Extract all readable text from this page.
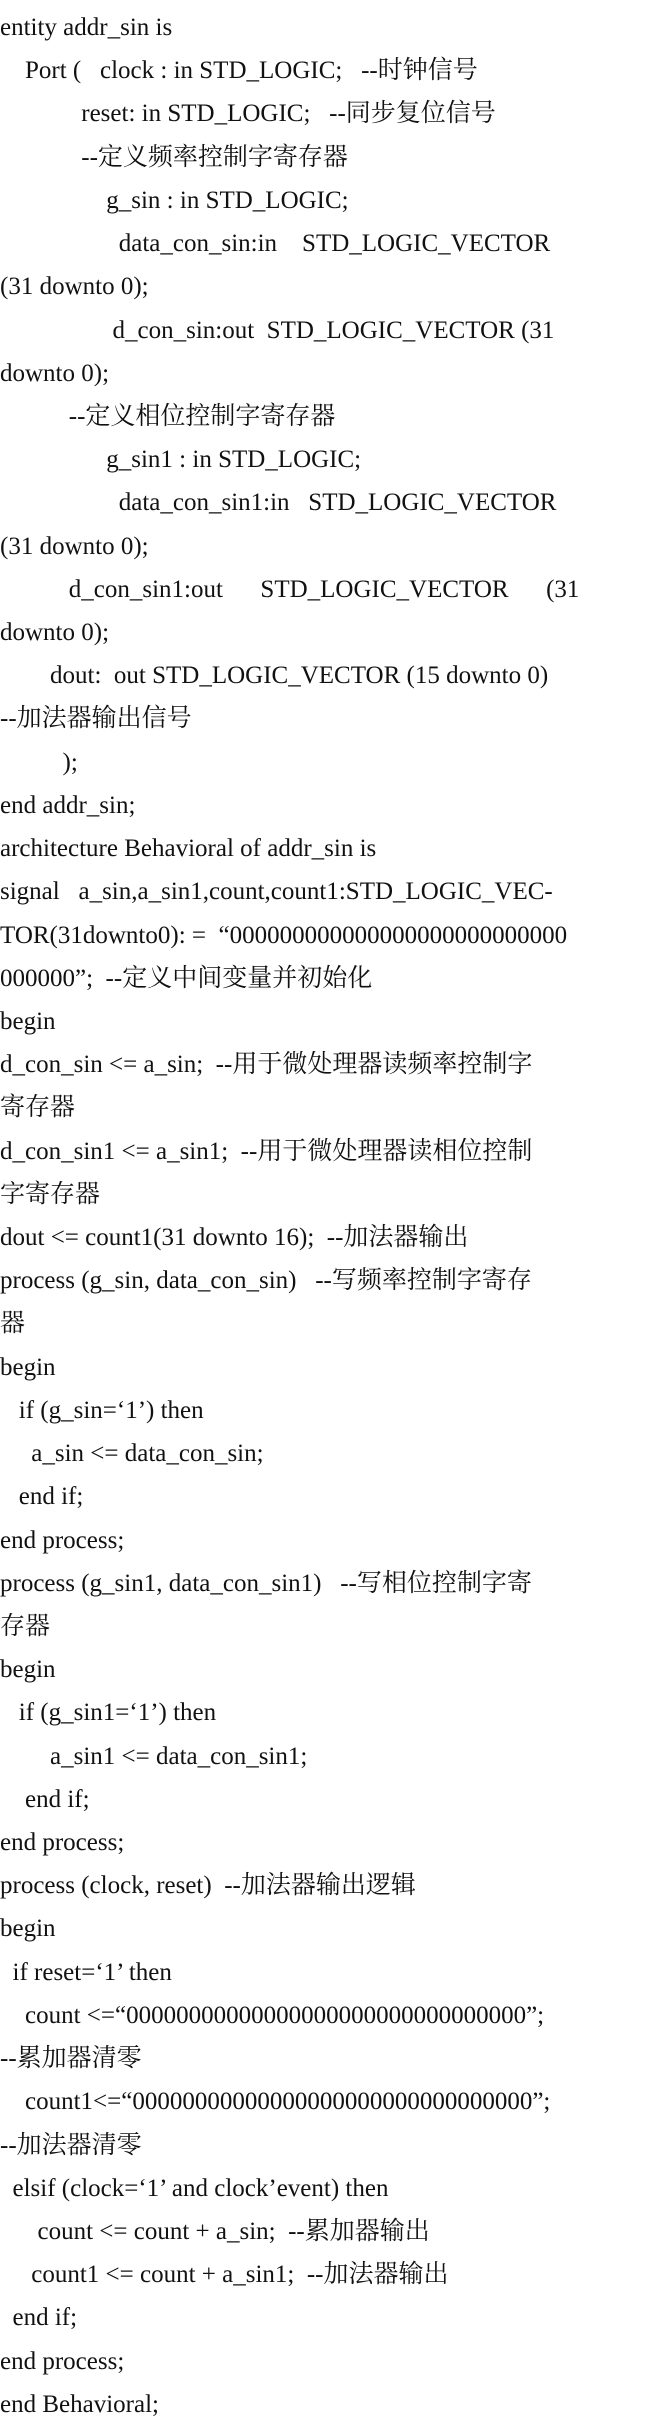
entity addr_sin is
Port (   clock : in STD_LOGIC;   --时钟信号
reset: in STD_LOGIC;   --同步复位信号
--定义频率控制字寄存器
g_sin : in STD_LOGIC;
data_con_sin:in    STD_LOGIC_VECTOR
(31 downto 0);
d_con_sin:out  STD_LOGIC_VECTOR (31
downto 0);
--定义相位控制字寄存器
g_sin1 : in STD_LOGIC;
data_con_sin1:in   STD_LOGIC_VECTOR
(31 downto 0);
d_con_sin1:out      STD_LOGIC_VECTOR      (31
downto 0);
dout:  out STD_LOGIC_VECTOR (15 downto 0)
--加法器输出信号
);
end addr_sin;
architecture Behavioral of addr_sin is
signal   a_sin,a_sin1,count,count1:STD_LOGIC_VEC-
TOR(31downto0): =  “000000000000000000000000000
000000”;  --定义中间变量并初始化
begin
d_con_sin <= a_sin;  --用于微处理器读频率控制字
寄存器
d_con_sin1 <= a_sin1;  --用于微处理器读相位控制
字寄存器
dout <= count1(31 downto 16);  --加法器输出
process (g_sin, data_con_sin)   --写频率控制字寄存
器
begin
if (g_sin=‘1’) then
a_sin <= data_con_sin;
end if;
end process;
process (g_sin1, data_con_sin1)   --写相位控制字寄
存器
begin
if (g_sin1=‘1’) then
a_sin1 <= data_con_sin1;
end if;
end process;
process (clock, reset)  --加法器输出逻辑
begin
if reset=‘1’ then
count <=“00000000000000000000000000000000”;
--累加器清零
count1<=“00000000000000000000000000000000”;
--加法器清零
elsif (clock=‘1’ and clock’event) then
count <= count + a_sin;  --累加器输出
count1 <= count + a_sin1;  --加法器输出
end if;
end process;
end Behavioral;
